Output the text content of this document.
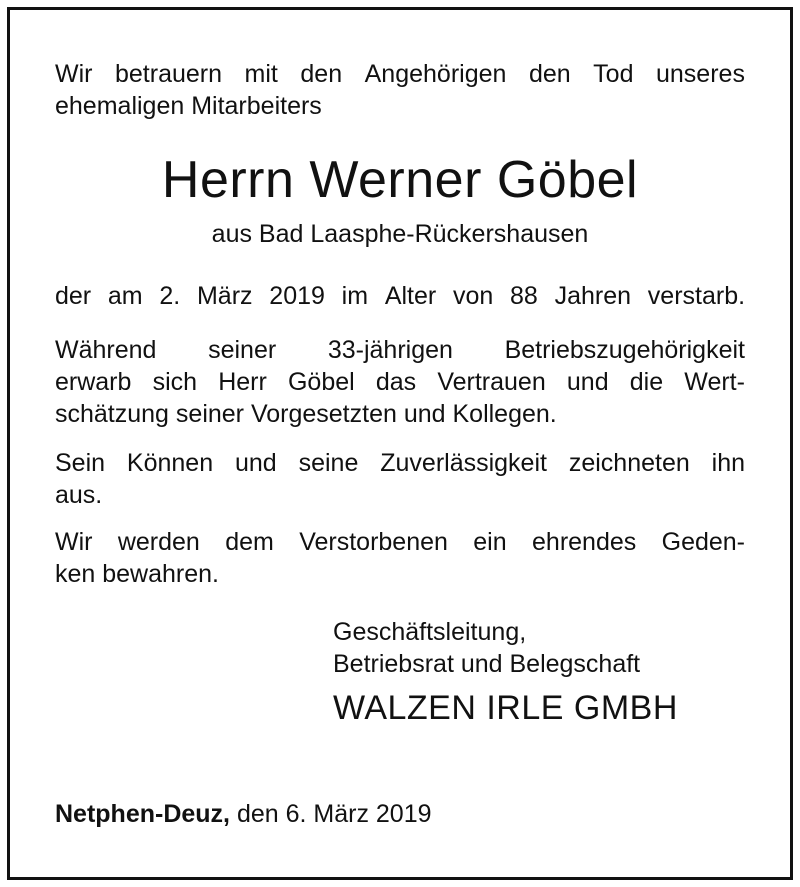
Wir betrauern mit den Angehörigen den Tod unseres
ehemaligen Mitarbeiters
Herrn Werner Göbel
aus Bad Laasphe-Rückershausen
der am 2. März 2019 im Alter von 88 Jahren verstarb.
Während seiner 33-jährigen Betriebszugehörigkeit
erwarb sich Herr Göbel das Vertrauen und die Wert-
schätzung seiner Vorgesetzten und Kollegen.
Sein Können und seine Zuverlässigkeit zeichneten ihn
aus.
Wir werden dem Verstorbenen ein ehrendes Geden-
ken bewahren.
Geschäftsleitung,
Betriebsrat und Belegschaft
WALZEN IRLE GMBH
Netphen-Deuz, den 6. März 2019
